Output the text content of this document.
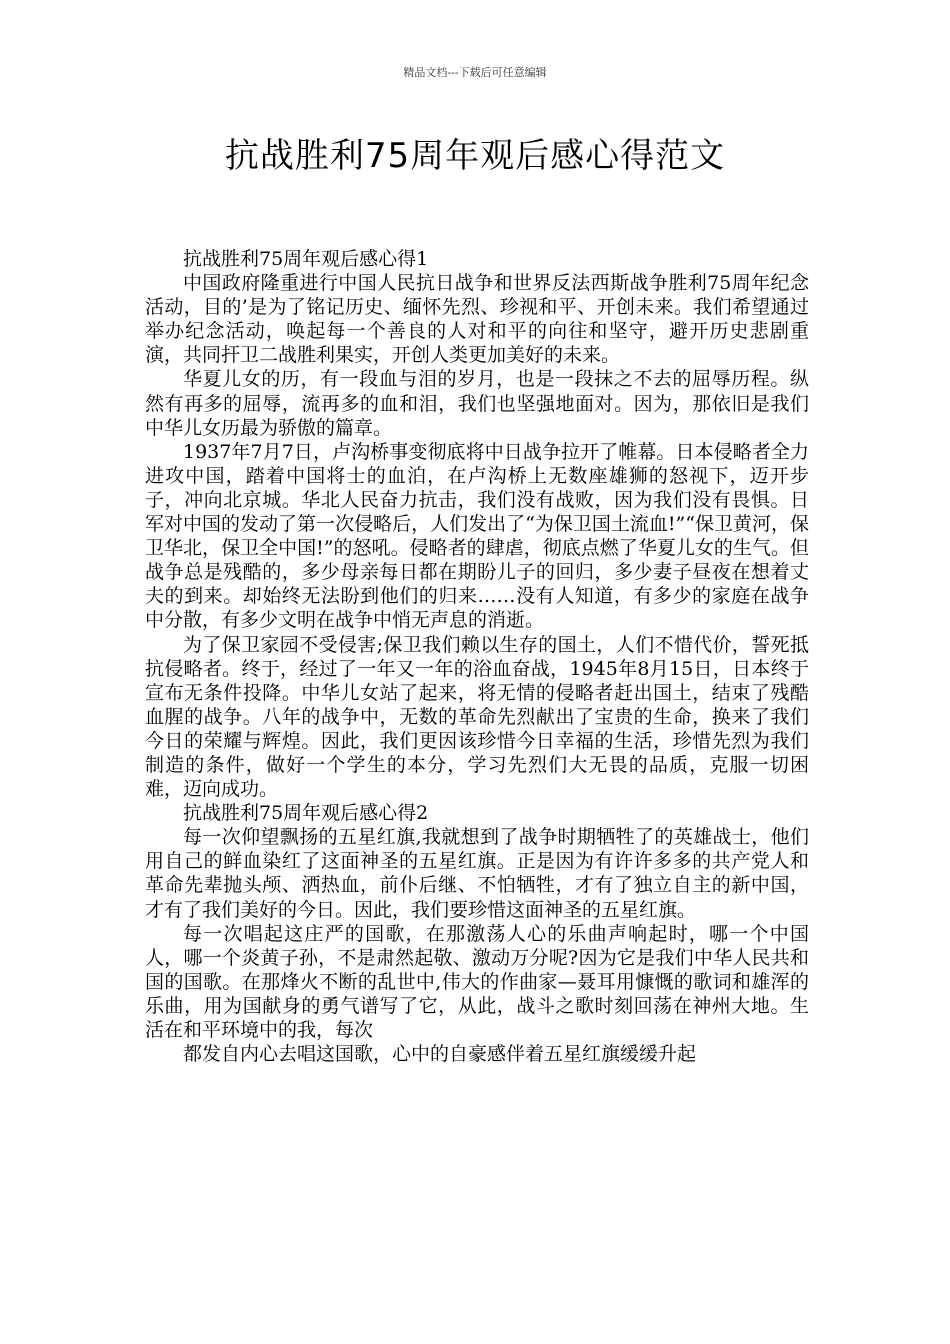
精品文档---下载后可任意编辑
抗战胜利75周年观后感心得范文

抗战胜利75周年观后感心得1

中国政府隆重进行中国人民抗日战争和世界反法西斯战争胜利75周年纪念活动，目的’是为了铭记历史、缅怀先烈、珍视和平、开创未来。我们希望通过举办纪念活动，唤起每一个善良的人对和平的向往和坚守，避开历史悲剧重演，共同扞卫二战胜利果实，开创人类更加美好的未来。

华夏儿女的历，有一段血与泪的岁月，也是一段抹之不去的屈辱历程。纵然有再多的屈辱，流再多的血和泪，我们也坚强地面对。因为，那依旧是我们中华儿女历最为骄傲的篇章。

1937年7月7日，卢沟桥事变彻底将中日战争拉开了帷幕。日本侵略者全力进攻中国，踏着中国将士的血泊，在卢沟桥上无数座雄狮的怒视下，迈开步子，冲向北京城。华北人民奋力抗击，我们没有战败，因为我们没有畏惧。日军对中国的发动了第一次侵略后，人们发出了“为保卫国土流血!”“保卫黄河，保卫华北，保卫全中国!”的怒吼。侵略者的肆虐，彻底点燃了华夏儿女的生气。但战争总是残酷的，多少母亲每日都在期盼儿子的回归，多少妻子昼夜在想着丈夫的到来。却始终无法盼到他们的归来……没有人知道，有多少的家庭在战争中分散，有多少文明在战争中悄无声息的消逝。

为了保卫家园不受侵害;保卫我们赖以生存的国土，人们不惜代价，誓死抵抗侵略者。终于，经过了一年又一年的浴血奋战，1945年8月15日，日本终于宣布无条件投降。中华儿女站了起来，将无情的侵略者赶出国土，结束了残酷血腥的战争。八年的战争中，无数的革命先烈献出了宝贵的生命，换来了我们今日的荣耀与辉煌。因此，我们更因该珍惜今日幸福的生活，珍惜先烈为我们制造的条件，做好一个学生的本分，学习先烈们大无畏的品质，克服一切困难，迈向成功。

抗战胜利75周年观后感心得2

每一次仰望飘扬的五星红旗,我就想到了战争时期牺牲了的英雄战士，他们用自己的鲜血染红了这面神圣的五星红旗。正是因为有许许多多的共产党人和革命先辈抛头颅、洒热血，前仆后继、不怕牺牲，才有了独立自主的新中国，才有了我们美好的今日。因此，我们要珍惜这面神圣的五星红旗。

每一次唱起这庄严的国歌，在那激荡人心的乐曲声响起时，哪一个中国人，哪一个炎黄子孙，不是肃然起敬、激动万分呢?因为它是我们中华人民共和国的国歌。在那烽火不断的乱世中,伟大的作曲家—聂耳用慷慨的歌词和雄浑的乐曲，用为国献身的勇气谱写了它，从此，战斗之歌时刻回荡在神州大地。生活在和平环境中的我，每次

都发自内心去唱这国歌，心中的自豪感伴着五星红旗缓缓升起
